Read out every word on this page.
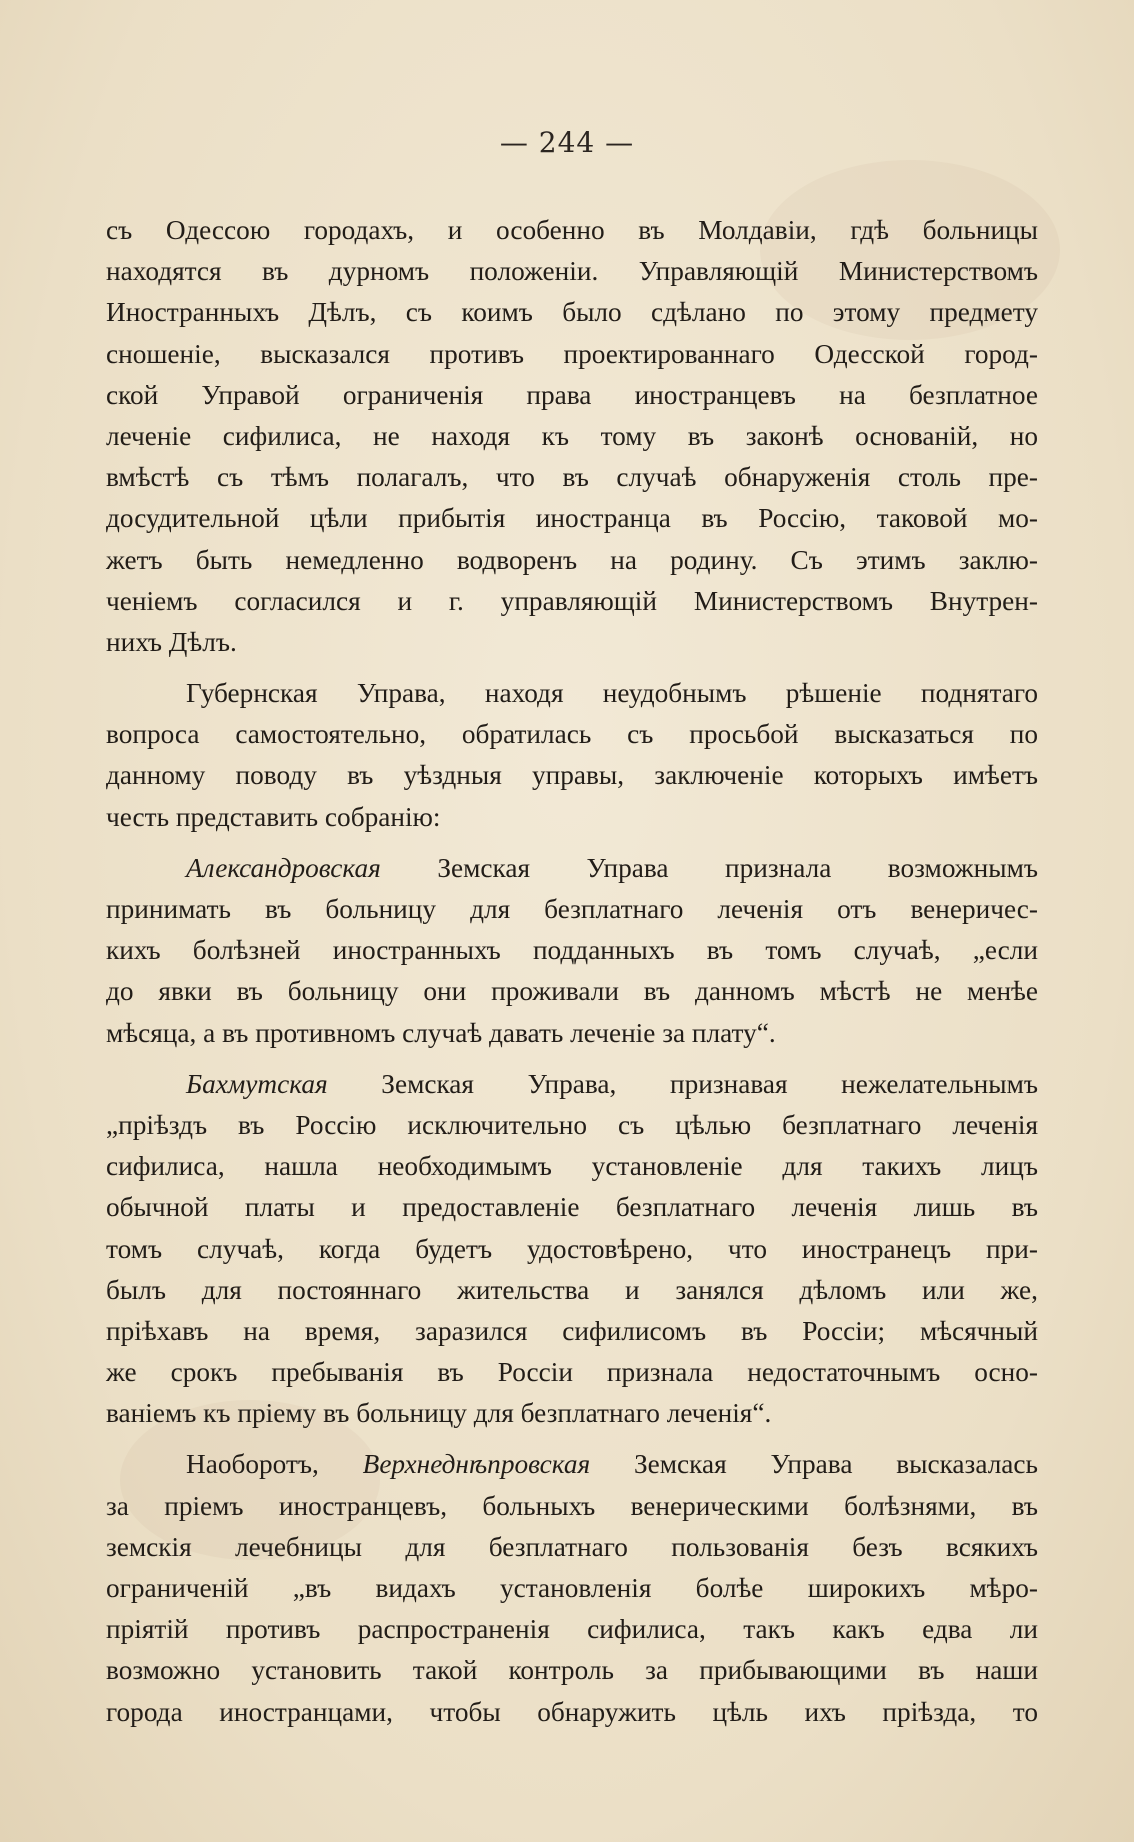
— 244 —
съ Одессою городахъ, и особенно въ Молдавіи, гдѣ больницы
находятся въ дурномъ положеніи. Управляющій Министерствомъ
Иностранныхъ Дѣлъ, съ коимъ было сдѣлано по этому предмету
сношеніе, высказался противъ проектированнаго Одесской город-
ской Управой ограниченія права иностранцевъ на безплатное
леченіе сифилиса, не находя къ тому въ законѣ основаній, но
вмѣстѣ съ тѣмъ полагалъ, что въ случаѣ обнаруженія столь пре-
досудительной цѣли прибытія иностранца въ Россію, таковой мо-
жетъ быть немедленно водворенъ на родину. Съ этимъ заклю-
ченіемъ согласился и г. управляющій Министерствомъ Внутрен-
нихъ Дѣлъ.
Губернская Управа, находя неудобнымъ рѣшеніе поднятаго
вопроса самостоятельно, обратилась съ просьбой высказаться по
данному поводу въ уѣздныя управы, заключеніе которыхъ имѣетъ
честь представить собранію:
Александровская Земская Управа признала возможнымъ
принимать въ больницу для безплатнаго леченія отъ венеричес-
кихъ болѣзней иностранныхъ подданныхъ въ томъ случаѣ, „если
до явки въ больницу они проживали въ данномъ мѣстѣ не менѣе
мѣсяца, а въ противномъ случаѣ давать леченіе за плату“.
Бахмутская Земская Управа, признавая нежелательнымъ
„пріѣздъ въ Россію исключительно съ цѣлью безплатнаго леченія
сифилиса, нашла необходимымъ установленіе для такихъ лицъ
обычной платы и предоставленіе безплатнаго леченія лишь въ
томъ случаѣ, когда будетъ удостовѣрено, что иностранецъ при-
былъ для постояннаго жительства и занялся дѣломъ или же,
пріѣхавъ на время, заразился сифилисомъ въ Россіи; мѣсячный
же срокъ пребыванія въ Россіи признала недостаточнымъ осно-
ваніемъ къ пріему въ больницу для безплатнаго леченія“.
Наоборотъ, Верхнеднѣпровская Земская Управа высказалась
за пріемъ иностранцевъ, больныхъ венерическими болѣзнями, въ
земскія лечебницы для безплатнаго пользованія безъ всякихъ
ограниченій „въ видахъ установленія болѣе широкихъ мѣро-
пріятій противъ распространенія сифилиса, такъ какъ едва ли
возможно установить такой контроль за прибывающими въ наши
города иностранцами, чтобы обнаружить цѣль ихъ пріѣзда, то
